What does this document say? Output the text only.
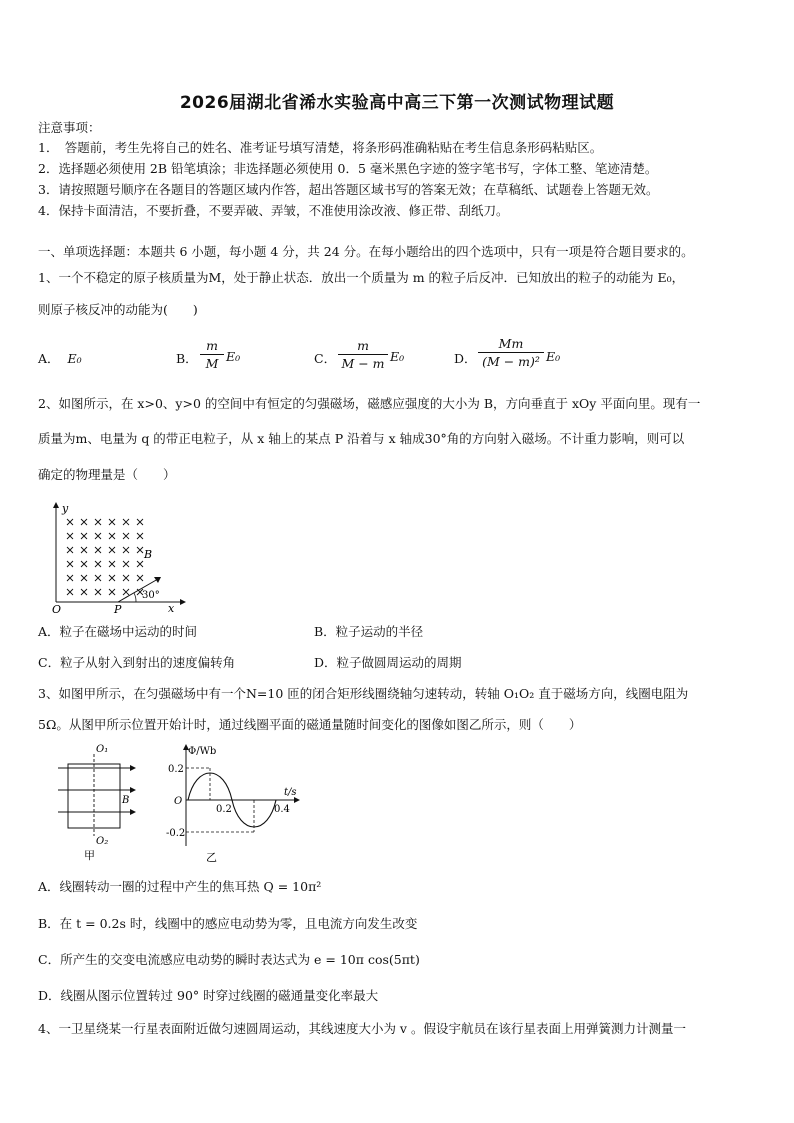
2026届湖北省浠水实验高中高三下第一次测试物理试题
注意事项：
1．　答题前，考生先将自己的姓名、准考证号填写清楚，将条形码准确粘贴在考生信息条形码粘贴区。
2．选择题必须使用 2B 铅笔填涂；非选择题必须使用 0．5 毫米黑色字迹的签字笔书写，字体工整、笔迹清楚。
3．请按照题号顺序在各题目的答题区域内作答，超出答题区域书写的答案无效；在草稿纸、试题卷上答题无效。
4．保持卡面清洁，不要折叠，不要弄破、弄皱，不准使用涂改液、修正带、刮纸刀。
一、单项选择题：本题共 6 小题，每小题 4 分，共 24 分。在每小题给出的四个选项中，只有一项是符合题目要求的。
1、一个不稳定的原子核质量为M，处于静止状态．放出一个质量为 m 的粒子后反冲．已知放出的粒子的动能为 E₀，
则原子核反冲的动能为(　　)
A． E₀	B．
m
M E₀	C．
m
M − m E₀	D．
Mm
(M − m)² E₀
2、如图所示，在 x>0、y>0 的空间中有恒定的匀强磁场，磁感应强度的大小为 B，方向垂直于 xOy 平面向里。现有一
质量为m、电量为 q 的带正电粒子，从 x 轴上的某点 P 沿着与 x 轴成30°角的方向射入磁场。不计重力影响，则可以
确定的物理量是（　　）
y
x
O	P
B
30°
A．粒子在磁场中运动的时间	B．粒子运动的半径
C．粒子从射入到射出的速度偏转角	D．粒子做圆周运动的周期
3、如图甲所示，在匀强磁场中有一个N=10 匝的闭合矩形线圈绕轴匀速转动，转轴 O₁O₂ 直于磁场方向，线圈电阻为
5Ω。从图甲所示位置开始计时，通过线圈平面的磁通量随时间变化的图像如图乙所示，则（　　）
O₁
O₂
B
甲
Φ/Wb
t/s
O
0.2
-0.2
0.2	0.4
乙
A．线圈转动一圈的过程中产生的焦耳热 Q = 10π²
B．在 t = 0.2s 时，线圈中的感应电动势为零，且电流方向发生改变
C．所产生的交变电流感应电动势的瞬时表达式为 e = 10π cos(5πt)
D．线圈从图示位置转过 90° 时穿过线圈的磁通量变化率最大
4、一卫星绕某一行星表面附近做匀速圆周运动，其线速度大小为 v 。假设宇航员在该行星表面上用弹簧测力计测量一
